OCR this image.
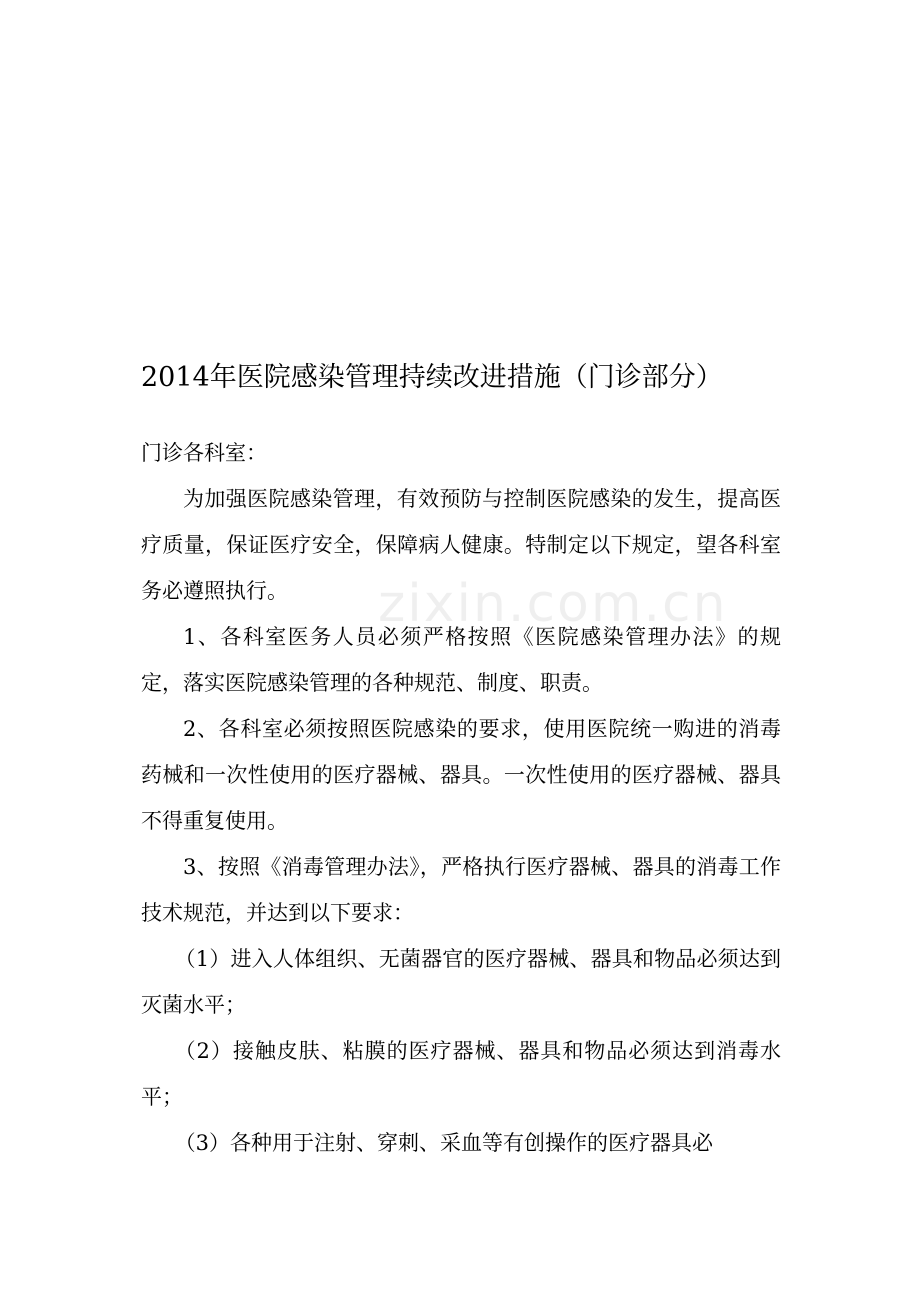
zixin.com.cn
2014年医院感染管理持续改进措施（门诊部分）

门诊各科室：

为加强医院感染管理，有效预防与控制医院感染的发生，提高医疗质量，保证医疗安全，保障病人健康。特制定以下规定，望各科室务必遵照执行。

1、各科室医务人员必须严格按照《医院感染管理办法》的规定，落实医院感染管理的各种规范、制度、职责。

2、各科室必须按照医院感染的要求，使用医院统一购进的消毒药械和一次性使用的医疗器械、器具。一次性使用的医疗器械、器具不得重复使用。

3、按照《消毒管理办法》，严格执行医疗器械、器具的消毒工作技术规范，并达到以下要求：

（1）进入人体组织、无菌器官的医疗器械、器具和物品必须达到灭菌水平；

（2）接触皮肤、粘膜的医疗器械、器具和物品必须达到消毒水平；

（3）各种用于注射、穿刺、采血等有创操作的医疗器具必
